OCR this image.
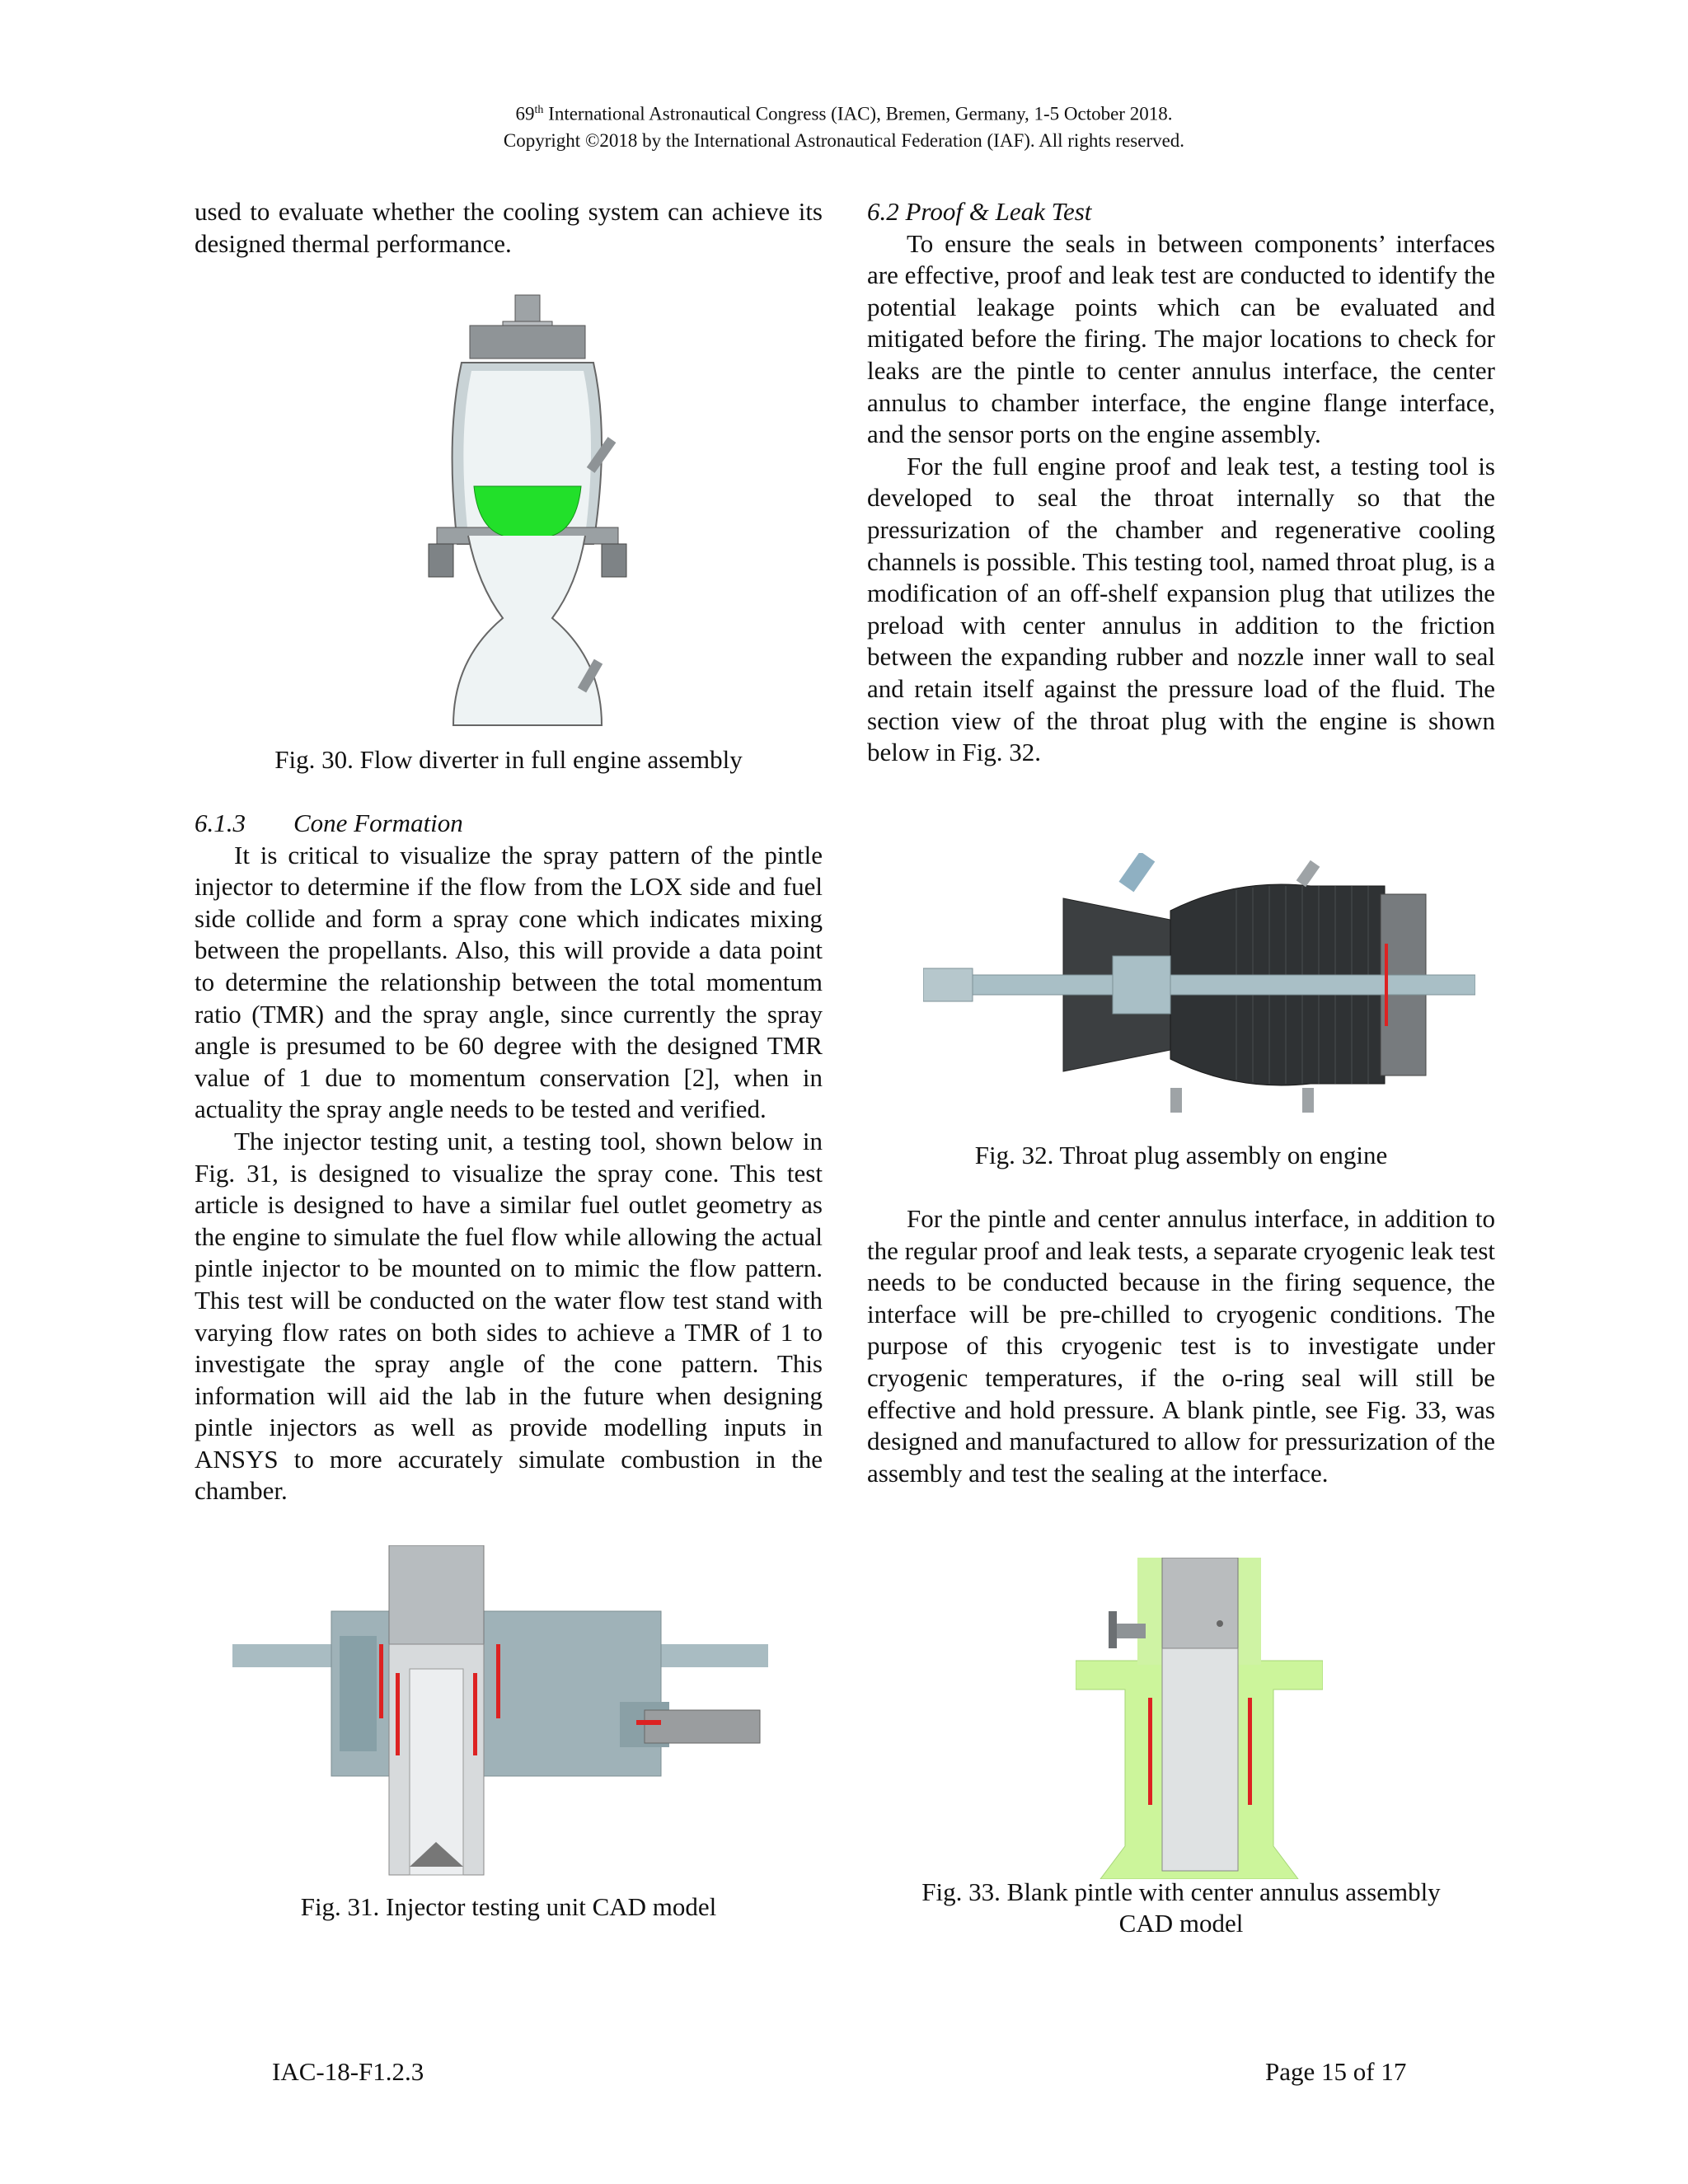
69th International Astronautical Congress (IAC), Bremen, Germany, 1-5 October 2018.
Copyright ©2018 by the International Astronautical Federation (IAF). All rights reserved.

used to evaluate whether the cooling system can achieve its designed thermal performance.

Fig. 30. Flow diverter in full engine assembly

6.1.3 Cone Formation

It is critical to visualize the spray pattern of the pintle injector to determine if the flow from the LOX side and fuel side collide and form a spray cone which indicates mixing between the propellants. Also, this will provide a data point to determine the relationship between the total momentum ratio (TMR) and the spray angle, since currently the spray angle is presumed to be 60 degree with the designed TMR value of 1 due to momentum conservation [2], when in actuality the spray angle needs to be tested and verified.

The injector testing unit, a testing tool, shown below in Fig. 31, is designed to visualize the spray cone. This test article is designed to have a similar fuel outlet geometry as the engine to simulate the fuel flow while allowing the actual pintle injector to be mounted on to mimic the flow pattern. This test will be conducted on the water flow test stand with varying flow rates on both sides to achieve a TMR of 1 to investigate the spray angle of the cone pattern. This information will aid the lab in the future when designing pintle injectors as well as provide modelling inputs in ANSYS to more accurately simulate combustion in the chamber.

Fig. 31. Injector testing unit CAD model

6.2 Proof & Leak Test

To ensure the seals in between components’ interfaces are effective, proof and leak test are conducted to identify the potential leakage points which can be evaluated and mitigated before the firing. The major locations to check for leaks are the pintle to center annulus interface, the center annulus to chamber interface, the engine flange interface, and the sensor ports on the engine assembly.

For the full engine proof and leak test, a testing tool is developed to seal the throat internally so that the pressurization of the chamber and regenerative cooling channels is possible. This testing tool, named throat plug, is a modification of an off-shelf expansion plug that utilizes the preload with center annulus in addition to the friction between the expanding rubber and nozzle inner wall to seal and retain itself against the pressure load of the fluid. The section view of the throat plug with the engine is shown below in Fig. 32.

Fig. 32. Throat plug assembly on engine

For the pintle and center annulus interface, in addition to the regular proof and leak tests, a separate cryogenic leak test needs to be conducted because in the firing sequence, the interface will be pre-chilled to cryogenic conditions. The purpose of this cryogenic test is to investigate under cryogenic temperatures, if the o-ring seal will still be effective and hold pressure. A blank pintle, see Fig. 33, was designed and manufactured to allow for pressurization of the assembly and test the sealing at the interface.

Fig. 33. Blank pintle with center annulus assembly
CAD model
IAC-18-F1.2.3	Page 15 of 17
